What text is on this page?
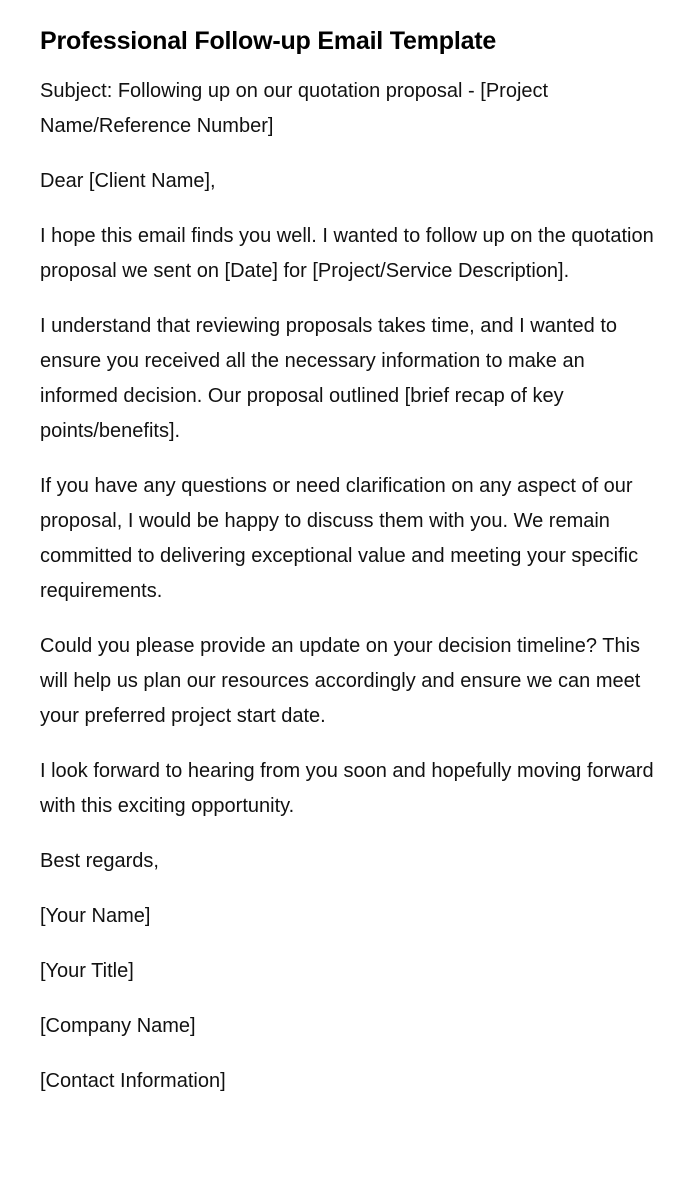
Professional Follow-up Email Template

Subject: Following up on our quotation proposal - [Project Name/Reference Number]

Dear [Client Name],

I hope this email finds you well. I wanted to follow up on the quotation proposal we sent on [Date] for [Project/Service Description].

I understand that reviewing proposals takes time, and I wanted to ensure you received all the necessary information to make an informed decision. Our proposal outlined [brief recap of key points/benefits].

If you have any questions or need clarification on any aspect of our proposal, I would be happy to discuss them with you. We remain committed to delivering exceptional value and meeting your specific requirements.

Could you please provide an update on your decision timeline? This will help us plan our resources accordingly and ensure we can meet your preferred project start date.

I look forward to hearing from you soon and hopefully moving forward with this exciting opportunity.

Best regards,

[Your Name]

[Your Title]

[Company Name]

[Contact Information]
